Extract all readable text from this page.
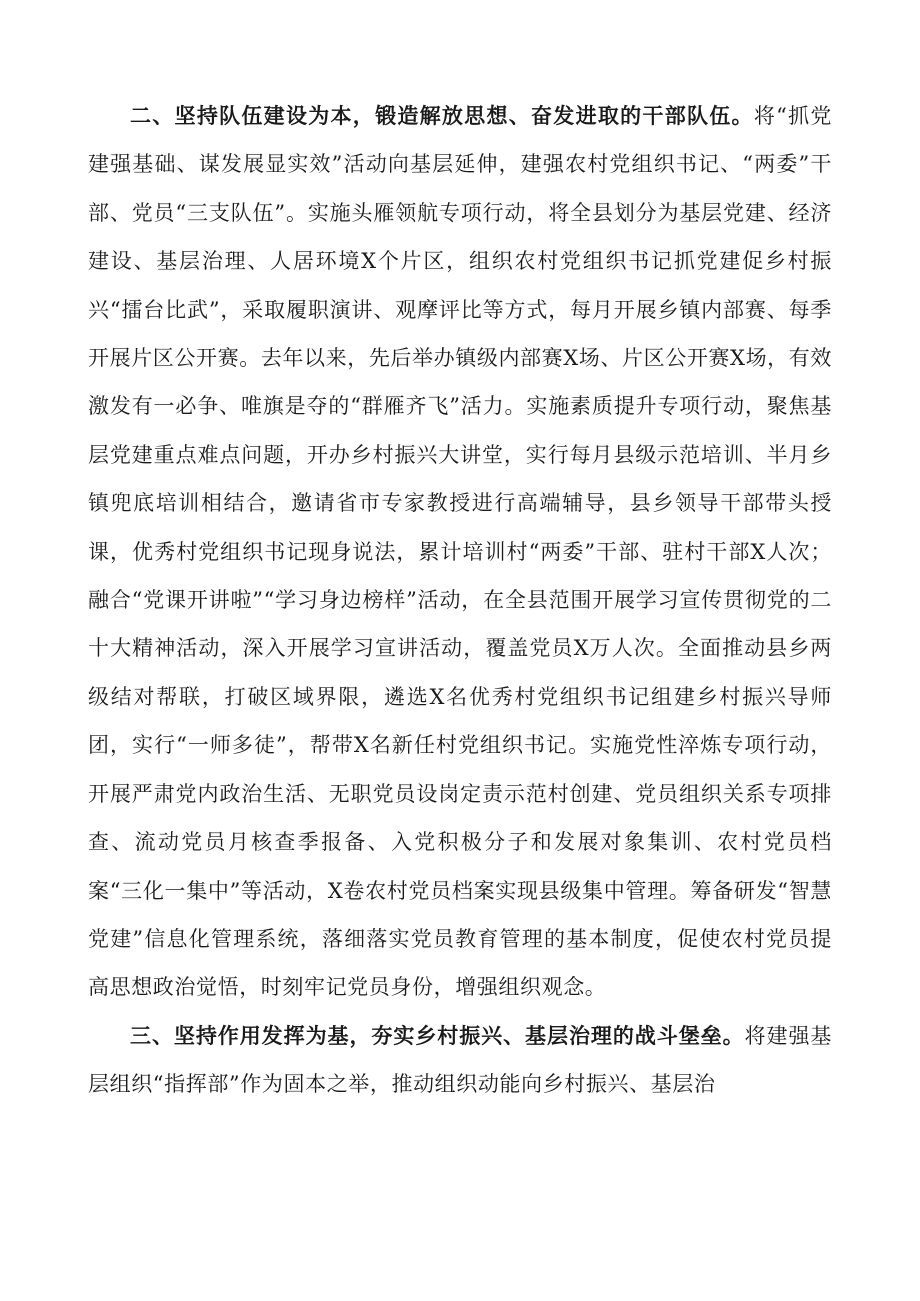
二、坚持队伍建设为本，锻造解放思想、奋发进取的干部队伍。将“抓党建强基础、谋发展显实效”活动向基层延伸，建强农村党组织书记、“两委”干部、党员“三支队伍”。实施头雁领航专项行动，将全县划分为基层党建、经济建设、基层治理、人居环境X个片区，组织农村党组织书记抓党建促乡村振兴“擂台比武”，采取履职演讲、观摩评比等方式，每月开展乡镇内部赛、每季开展片区公开赛。去年以来，先后举办镇级内部赛X场、片区公开赛X场，有效激发有一必争、唯旗是夺的“群雁齐飞”活力。实施素质提升专项行动，聚焦基层党建重点难点问题，开办乡村振兴大讲堂，实行每月县级示范培训、半月乡镇兜底培训相结合，邀请省市专家教授进行高端辅导，县乡领导干部带头授课，优秀村党组织书记现身说法，累计培训村“两委”干部、驻村干部X人次；融合“党课开讲啦”“学习身边榜样”活动，在全县范围开展学习宣传贯彻党的二十大精神活动，深入开展学习宣讲活动，覆盖党员X万人次。全面推动县乡两级结对帮联，打破区域界限，遴选X名优秀村党组织书记组建乡村振兴导师团，实行“一师多徒”，帮带X名新任村党组织书记。实施党性淬炼专项行动，开展严肃党内政治生活、无职党员设岗定责示范村创建、党员组织关系专项排查、流动党员月核查季报备、入党积极分子和发展对象集训、农村党员档案“三化一集中”等活动，X卷农村党员档案实现县级集中管理。筹备研发“智慧党建”信息化管理系统，落细落实党员教育管理的基本制度，促使农村党员提高思想政治觉悟，时刻牢记党员身份，增强组织观念。

三、坚持作用发挥为基，夯实乡村振兴、基层治理的战斗堡垒。将建强基层组织“指挥部”作为固本之举，推动组织动能向乡村振兴、基层治
